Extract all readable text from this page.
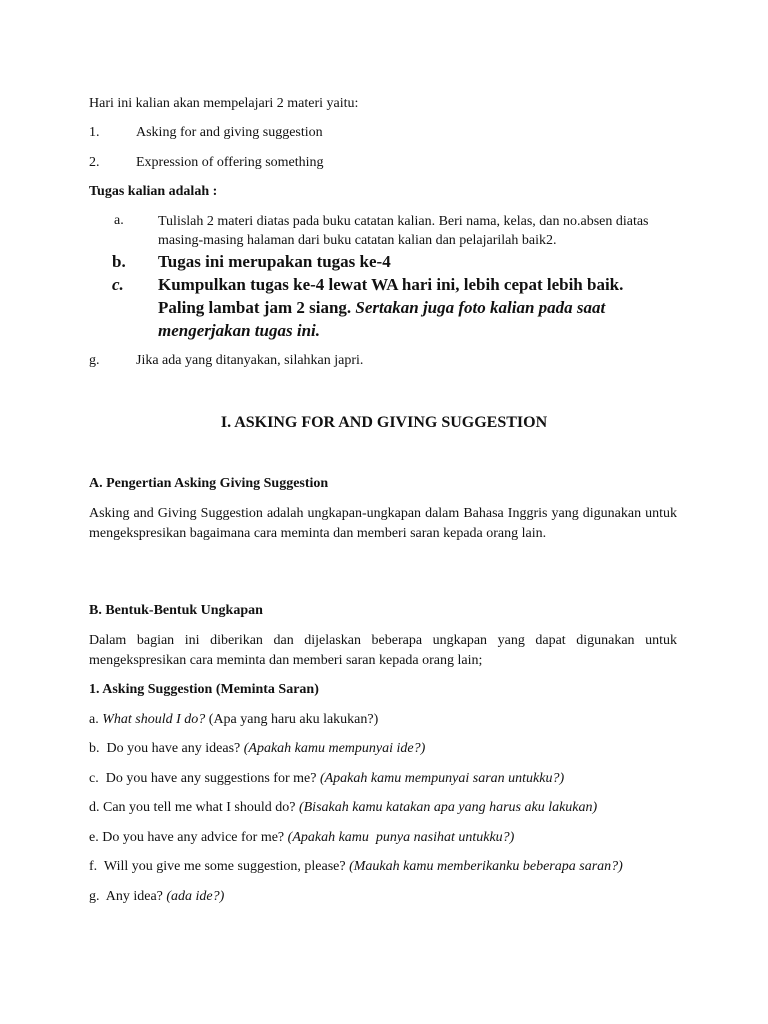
Hari ini kalian akan mempelajari 2 materi yaitu:
1.	Asking for and giving suggestion
2.	Expression of offering something
Tugas kalian adalah :
a. Tulislah 2 materi diatas pada buku catatan kalian. Beri nama, kelas, dan no.absen diatas masing-masing halaman dari buku catatan kalian dan pelajarilah baik2.
b. Tugas ini merupakan tugas ke-4
c. Kumpulkan tugas ke-4 lewat WA hari ini, lebih cepat lebih baik.
Paling lambat jam 2 siang. Sertakan juga foto kalian pada saat
mengerjakan tugas ini.
g.	Jika ada yang ditanyakan, silahkan japri.
I. ASKING FOR AND GIVING SUGGESTION
A. Pengertian Asking Giving Suggestion
Asking and Giving Suggestion adalah ungkapan-ungkapan dalam Bahasa Inggris yang digunakan untuk mengekspresikan bagaimana cara meminta dan memberi saran kepada orang lain.
B. Bentuk-Bentuk Ungkapan
Dalam bagian ini diberikan dan dijelaskan beberapa ungkapan yang dapat digunakan untuk mengekspresikan cara meminta dan memberi saran kepada orang lain;
1. Asking Suggestion (Meminta Saran)
a. What should I do? (Apa yang haru aku lakukan?)
b.  Do you have any ideas? (Apakah kamu mempunyai ide?)
c.  Do you have any suggestions for me? (Apakah kamu mempunyai saran untukku?)
d. Can you tell me what I should do? (Bisakah kamu katakan apa yang harus aku lakukan)
e. Do you have any advice for me? (Apakah kamu  punya nasihat untukku?)
f.  Will you give me some suggestion, please? (Maukah kamu memberikanku beberapa saran?)
g.  Any idea? (ada ide?)
